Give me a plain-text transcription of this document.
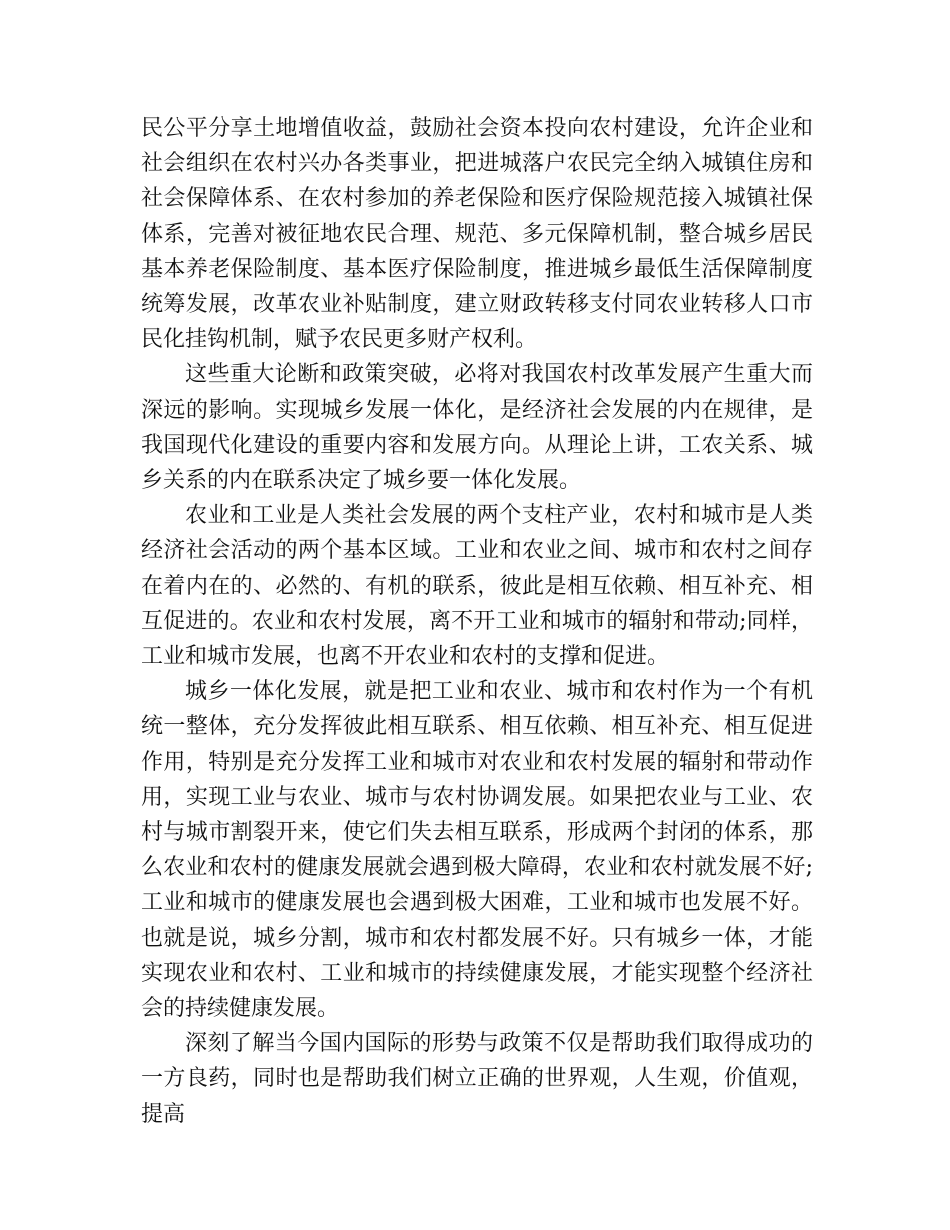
民公平分享土地增值收益，鼓励社会资本投向农村建设，允许企业和社会组织在农村兴办各类事业，把进城落户农民完全纳入城镇住房和社会保障体系、在农村参加的养老保险和医疗保险规范接入城镇社保体系，完善对被征地农民合理、规范、多元保障机制，整合城乡居民基本养老保险制度、基本医疗保险制度，推进城乡最低生活保障制度统筹发展，改革农业补贴制度，建立财政转移支付同农业转移人口市民化挂钩机制，赋予农民更多财产权利。

这些重大论断和政策突破，必将对我国农村改革发展产生重大而深远的影响。实现城乡发展一体化，是经济社会发展的内在规律，是我国现代化建设的重要内容和发展方向。从理论上讲，工农关系、城乡关系的内在联系决定了城乡要一体化发展。

农业和工业是人类社会发展的两个支柱产业，农村和城市是人类经济社会活动的两个基本区域。工业和农业之间、城市和农村之间存在着内在的、必然的、有机的联系，彼此是相互依赖、相互补充、相互促进的。农业和农村发展，离不开工业和城市的辐射和带动;同样，工业和城市发展，也离不开农业和农村的支撑和促进。

城乡一体化发展，就是把工业和农业、城市和农村作为一个有机统一整体，充分发挥彼此相互联系、相互依赖、相互补充、相互促进作用，特别是充分发挥工业和城市对农业和农村发展的辐射和带动作用，实现工业与农业、城市与农村协调发展。如果把农业与工业、农村与城市割裂开来，使它们失去相互联系，形成两个封闭的体系，那么农业和农村的健康发展就会遇到极大障碍，农业和农村就发展不好;工业和城市的健康发展也会遇到极大困难，工业和城市也发展不好。也就是说，城乡分割，城市和农村都发展不好。只有城乡一体，才能实现农业和农村、工业和城市的持续健康发展，才能实现整个经济社会的持续健康发展。

深刻了解当今国内国际的形势与政策不仅是帮助我们取得成功的一方良药，同时也是帮助我们树立正确的世界观，人生观，价值观，提高
